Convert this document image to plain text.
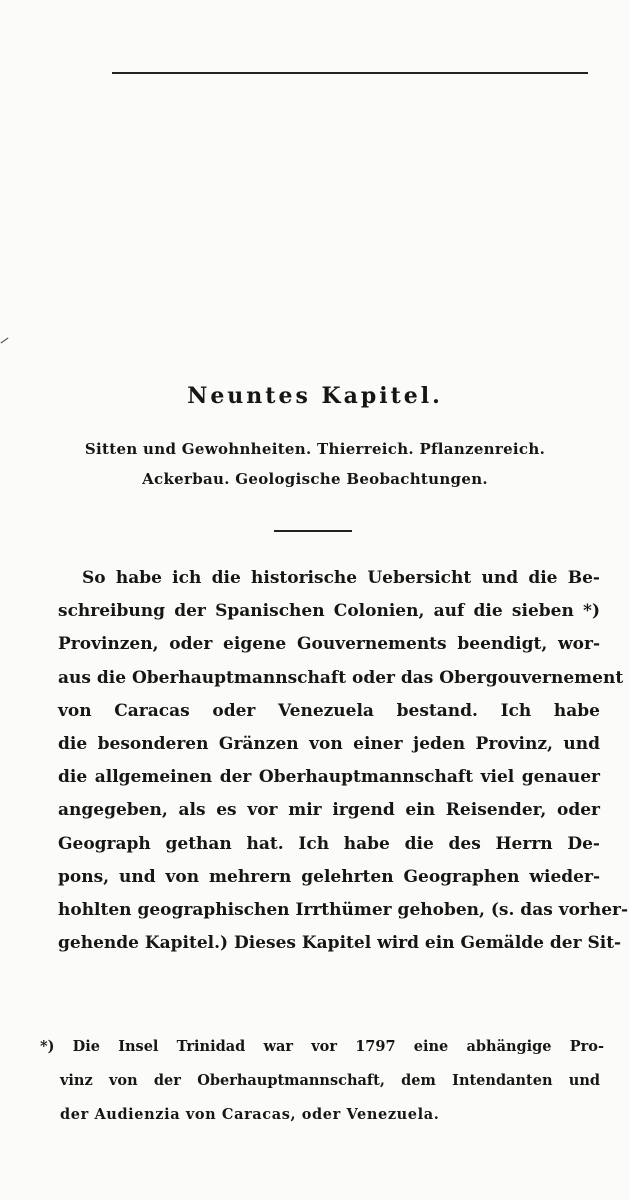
Neuntes Kapitel.
Sitten und Gewohnheiten. Thierreich. Pflanzenreich.
Ackerbau. Geologische Beobachtungen.
So habe ich die historische Uebersicht und die Be-
schreibung der Spanischen Colonien, auf die sieben *)
Provinzen, oder eigene Gouvernements beendigt, wor-
aus die Oberhauptmannschaft oder das Obergouvernement
von Caracas oder Venezuela bestand. Ich habe
die besonderen Gränzen von einer jeden Provinz, und
die allgemeinen der Oberhauptmannschaft viel genauer
angegeben, als es vor mir irgend ein Reisender, oder
Geograph gethan hat. Ich habe die des Herrn De-
pons, und von mehrern gelehrten Geographen wieder-
hohlten geographischen Irrthümer gehoben, (s. das vorher-
gehende Kapitel.) Dieses Kapitel wird ein Gemälde der Sit-
*) Die Insel Trinidad war vor 1797 eine abhängige Pro-
vinz von der Oberhauptmannschaft, dem Intendanten und
der Audienzia von Caracas, oder Venezuela.
